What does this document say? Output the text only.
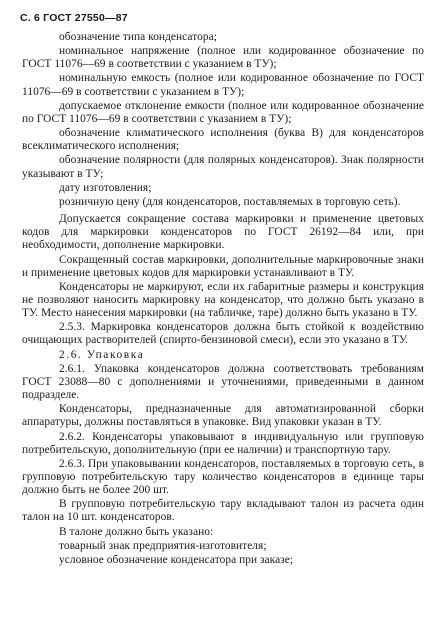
С. 6 ГОСТ 27550—87

обозначение типа конденсатора;

номинальное напряжение (полное или кодированное обозначение по ГОСТ 11076—69 в соответствии с указанием в ТУ);

номинальную емкость (полное или кодированное обозначение по ГОСТ 11076—69 в соответствии с указанием в ТУ);

допускаемое отклонение емкости (полное или кодированное обозначение по ГОСТ 11076—69 в соответствии с указанием в ТУ);

обозначение климатического исполнения (буква В) для конденсаторов всеклиматического исполнения;

обозначение полярности (для полярных конденсаторов). Знак полярности указывают в ТУ;

дату изготовления;

розничную цену (для конденсаторов, поставляемых в торговую сеть).

Допускается сокращение состава маркировки и применение цветовых кодов для маркировки конденсаторов по ГОСТ 26192—84 или, при необходимости, дополнение маркировки.

Сокращенный состав маркировки, дополнительные маркировочные знаки и применение цветовых кодов для маркировки устанавливают в ТУ.

Конденсаторы не маркируют, если их габаритные размеры и конструкция не позволяют наносить маркировку на конденсатор, что должно быть указано в ТУ. Место нанесения маркировки (на табличке, таре) должно быть указано в ТУ.

2.5.3. Маркировка конденсаторов должна быть стойкой к воздействию очищающих растворителей (спирто-бензиновой смеси), если это указано в ТУ.

2.6. Упаковка

2.6.1. Упаковка конденсаторов должна соответствовать требованиям ГОСТ 23088—80 с дополнениями и уточнениями, приведенными в данном подразделе.

Конденсаторы, предназначенные для автоматизированной сборки аппаратуры, должны поставляться в упаковке. Вид упаковки указан в ТУ.

2.6.2. Конденсаторы упаковывают в индивидуальную или групповую потребительскую, дополнительную (при ее наличии) и транспортную тару.

2.6.3. При упаковывании конденсаторов, поставляемых в торговую сеть, в групповую потребительскую тару количество конденсаторов в единице тары должно быть не более 200 шт.

В групповую потребительскую тару вкладывают талон из расчета один талон на 10 шт. конденсаторов.

В талоне должно быть указано:

товарный знак предприятия-изготовителя;

условное обозначение конденсатора при заказе;
